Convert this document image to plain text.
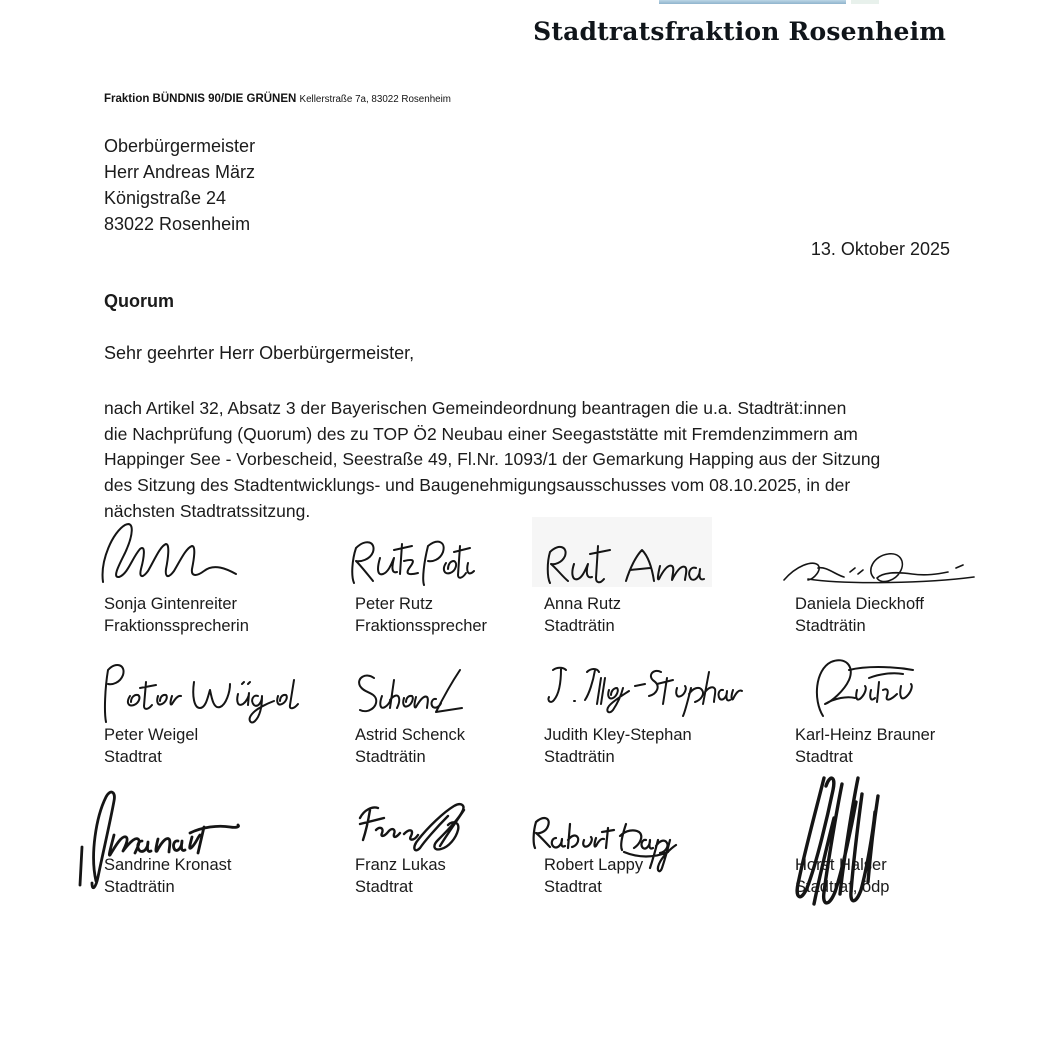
Stadtratsfraktion Rosenheim
Fraktion BÜNDNIS 90/DIE GRÜNEN Kellerstraße 7a, 83022 Rosenheim
Oberbürgermeister
Herr Andreas März
Königstraße 24
83022 Rosenheim
13. Oktober 2025
Quorum
Sehr geehrter Herr Oberbürgermeister,
nach Artikel 32, Absatz 3 der Bayerischen Gemeindeordnung beantragen die u.a. Stadträt:innen
die Nachprüfung (Quorum) des zu TOP Ö2 Neubau einer Seegaststätte mit Fremdenzimmern am
Happinger See - Vorbescheid, Seestraße 49, Fl.Nr. 1093/1 der Gemarkung Happing aus der Sitzung
des Sitzung des Stadtentwicklungs- und Baugenehmigungsausschusses vom 08.10.2025, in der
nächsten Stadtratssitzung.
Sonja Gintenreiter
Fraktionssprecherin
Peter Rutz
Fraktionssprecher
Anna Rutz
Stadträtin
Daniela Dieckhoff
Stadträtin
Peter Weigel
Stadtrat
Astrid Schenck
Stadträtin
Judith Kley-Stephan
Stadträtin
Karl-Heinz Brauner
Stadtrat
Sandrine Kronast
Stadträtin
Franz Lukas
Stadtrat
Robert Lappy
Stadtrat
Horst Halser
Stadtrat, ödp
